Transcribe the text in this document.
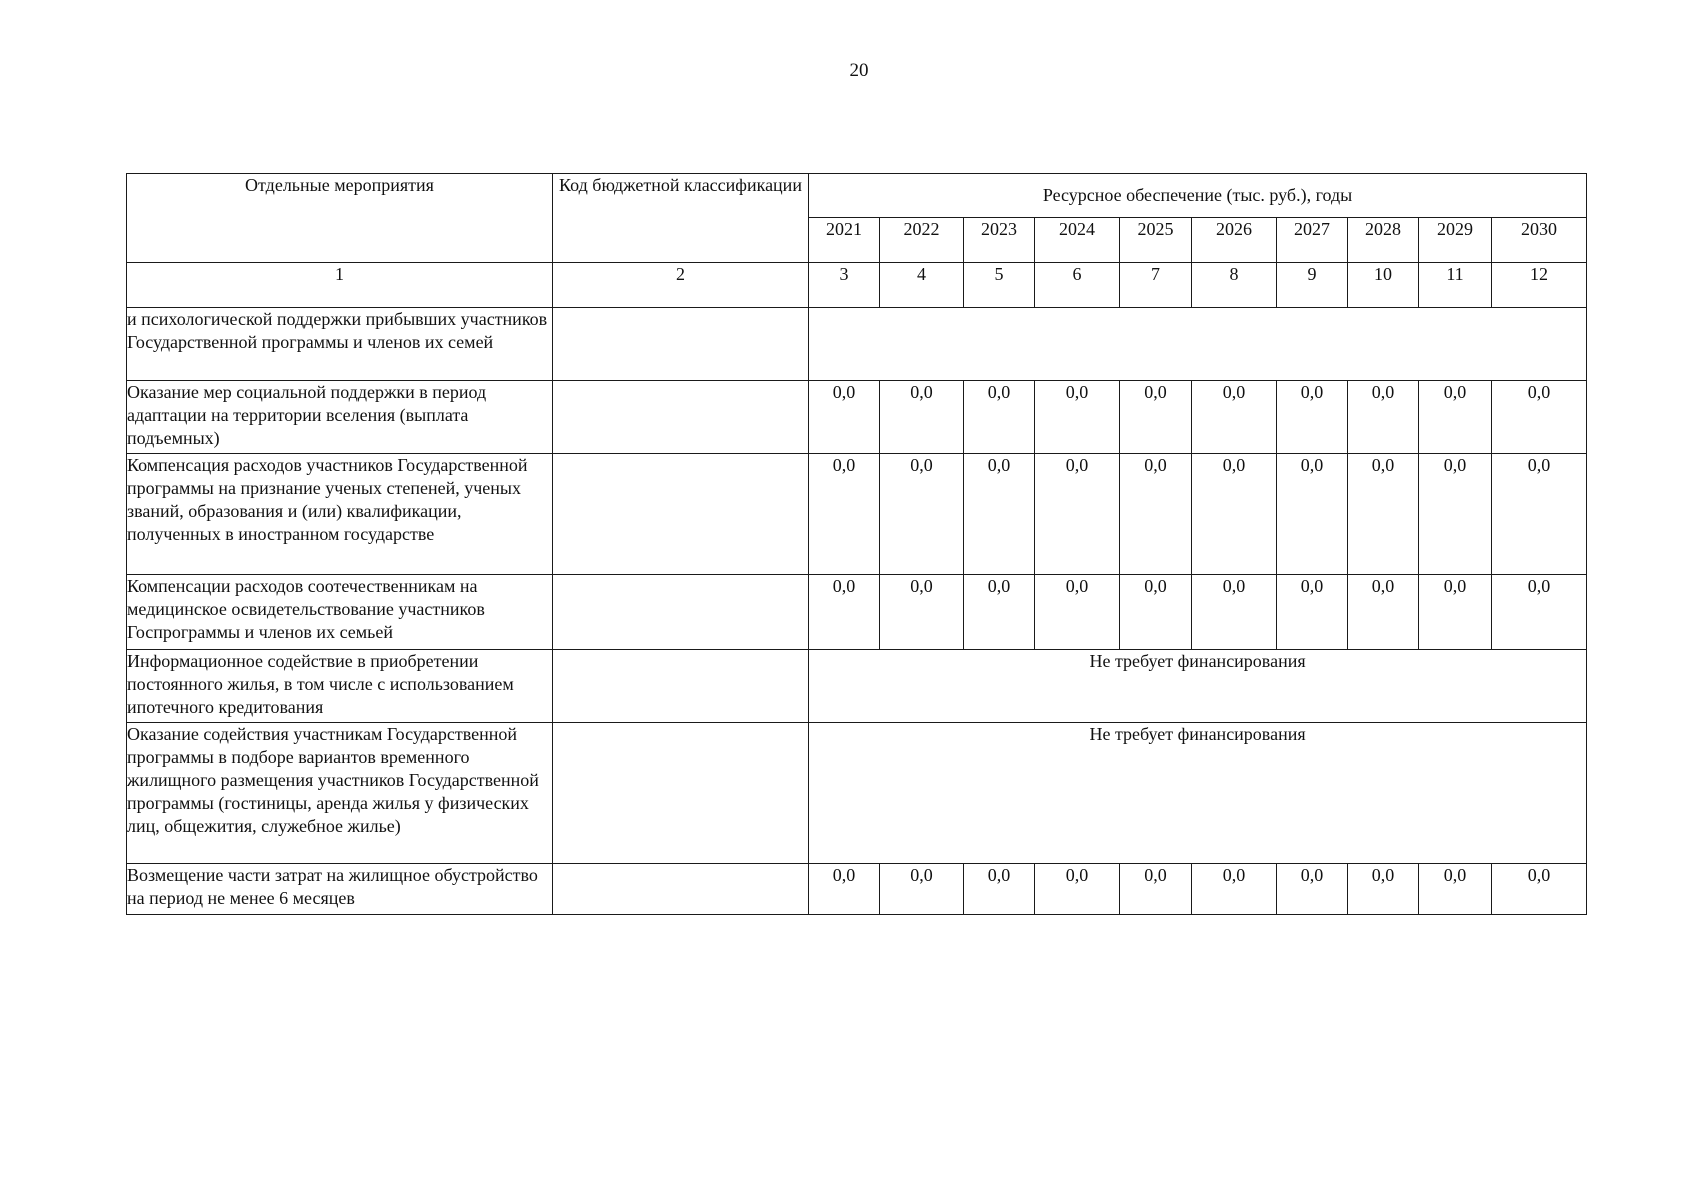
20
Отдельные мероприятия	Код бюджетной классификации	Ресурсное обеспечение (тыс. руб.), годы									
		2021	2022	2023	2024	2025	2026	2027	2028	2029	2030
1	2	3	4	5	6	7	8	9	10	11	12
и психологической поддержки прибывших участников Государственной программы и членов их семей											
Оказание мер социальной поддержки в период адаптации на территории вселения (выплата подъемных)		0,0	0,0	0,0	0,0	0,0	0,0	0,0	0,0	0,0	0,0
Компенсация расходов участников Государственной программы на признание ученых степеней, ученых званий, образования и (или) квалификации, полученных в иностранном государстве		0,0	0,0	0,0	0,0	0,0	0,0	0,0	0,0	0,0	0,0
Компенсации расходов соотечественникам на медицинское освидетельствование участников Госпрограммы и членов их семьей		0,0	0,0	0,0	0,0	0,0	0,0	0,0	0,0	0,0	0,0
Информационное содействие в приобретении постоянного жилья, в том числе с использованием ипотечного кредитования		Не требует финансирования									
Оказание содействия участникам Государственной программы в подборе вариантов временного жилищного размещения участников Государственной программы (гостиницы, аренда жилья у физических лиц, общежития, служебное жилье)		Не требует финансирования									
Возмещение части затрат на жилищное обустройство на период не менее 6 месяцев		0,0	0,0	0,0	0,0	0,0	0,0	0,0	0,0	0,0	0,0
